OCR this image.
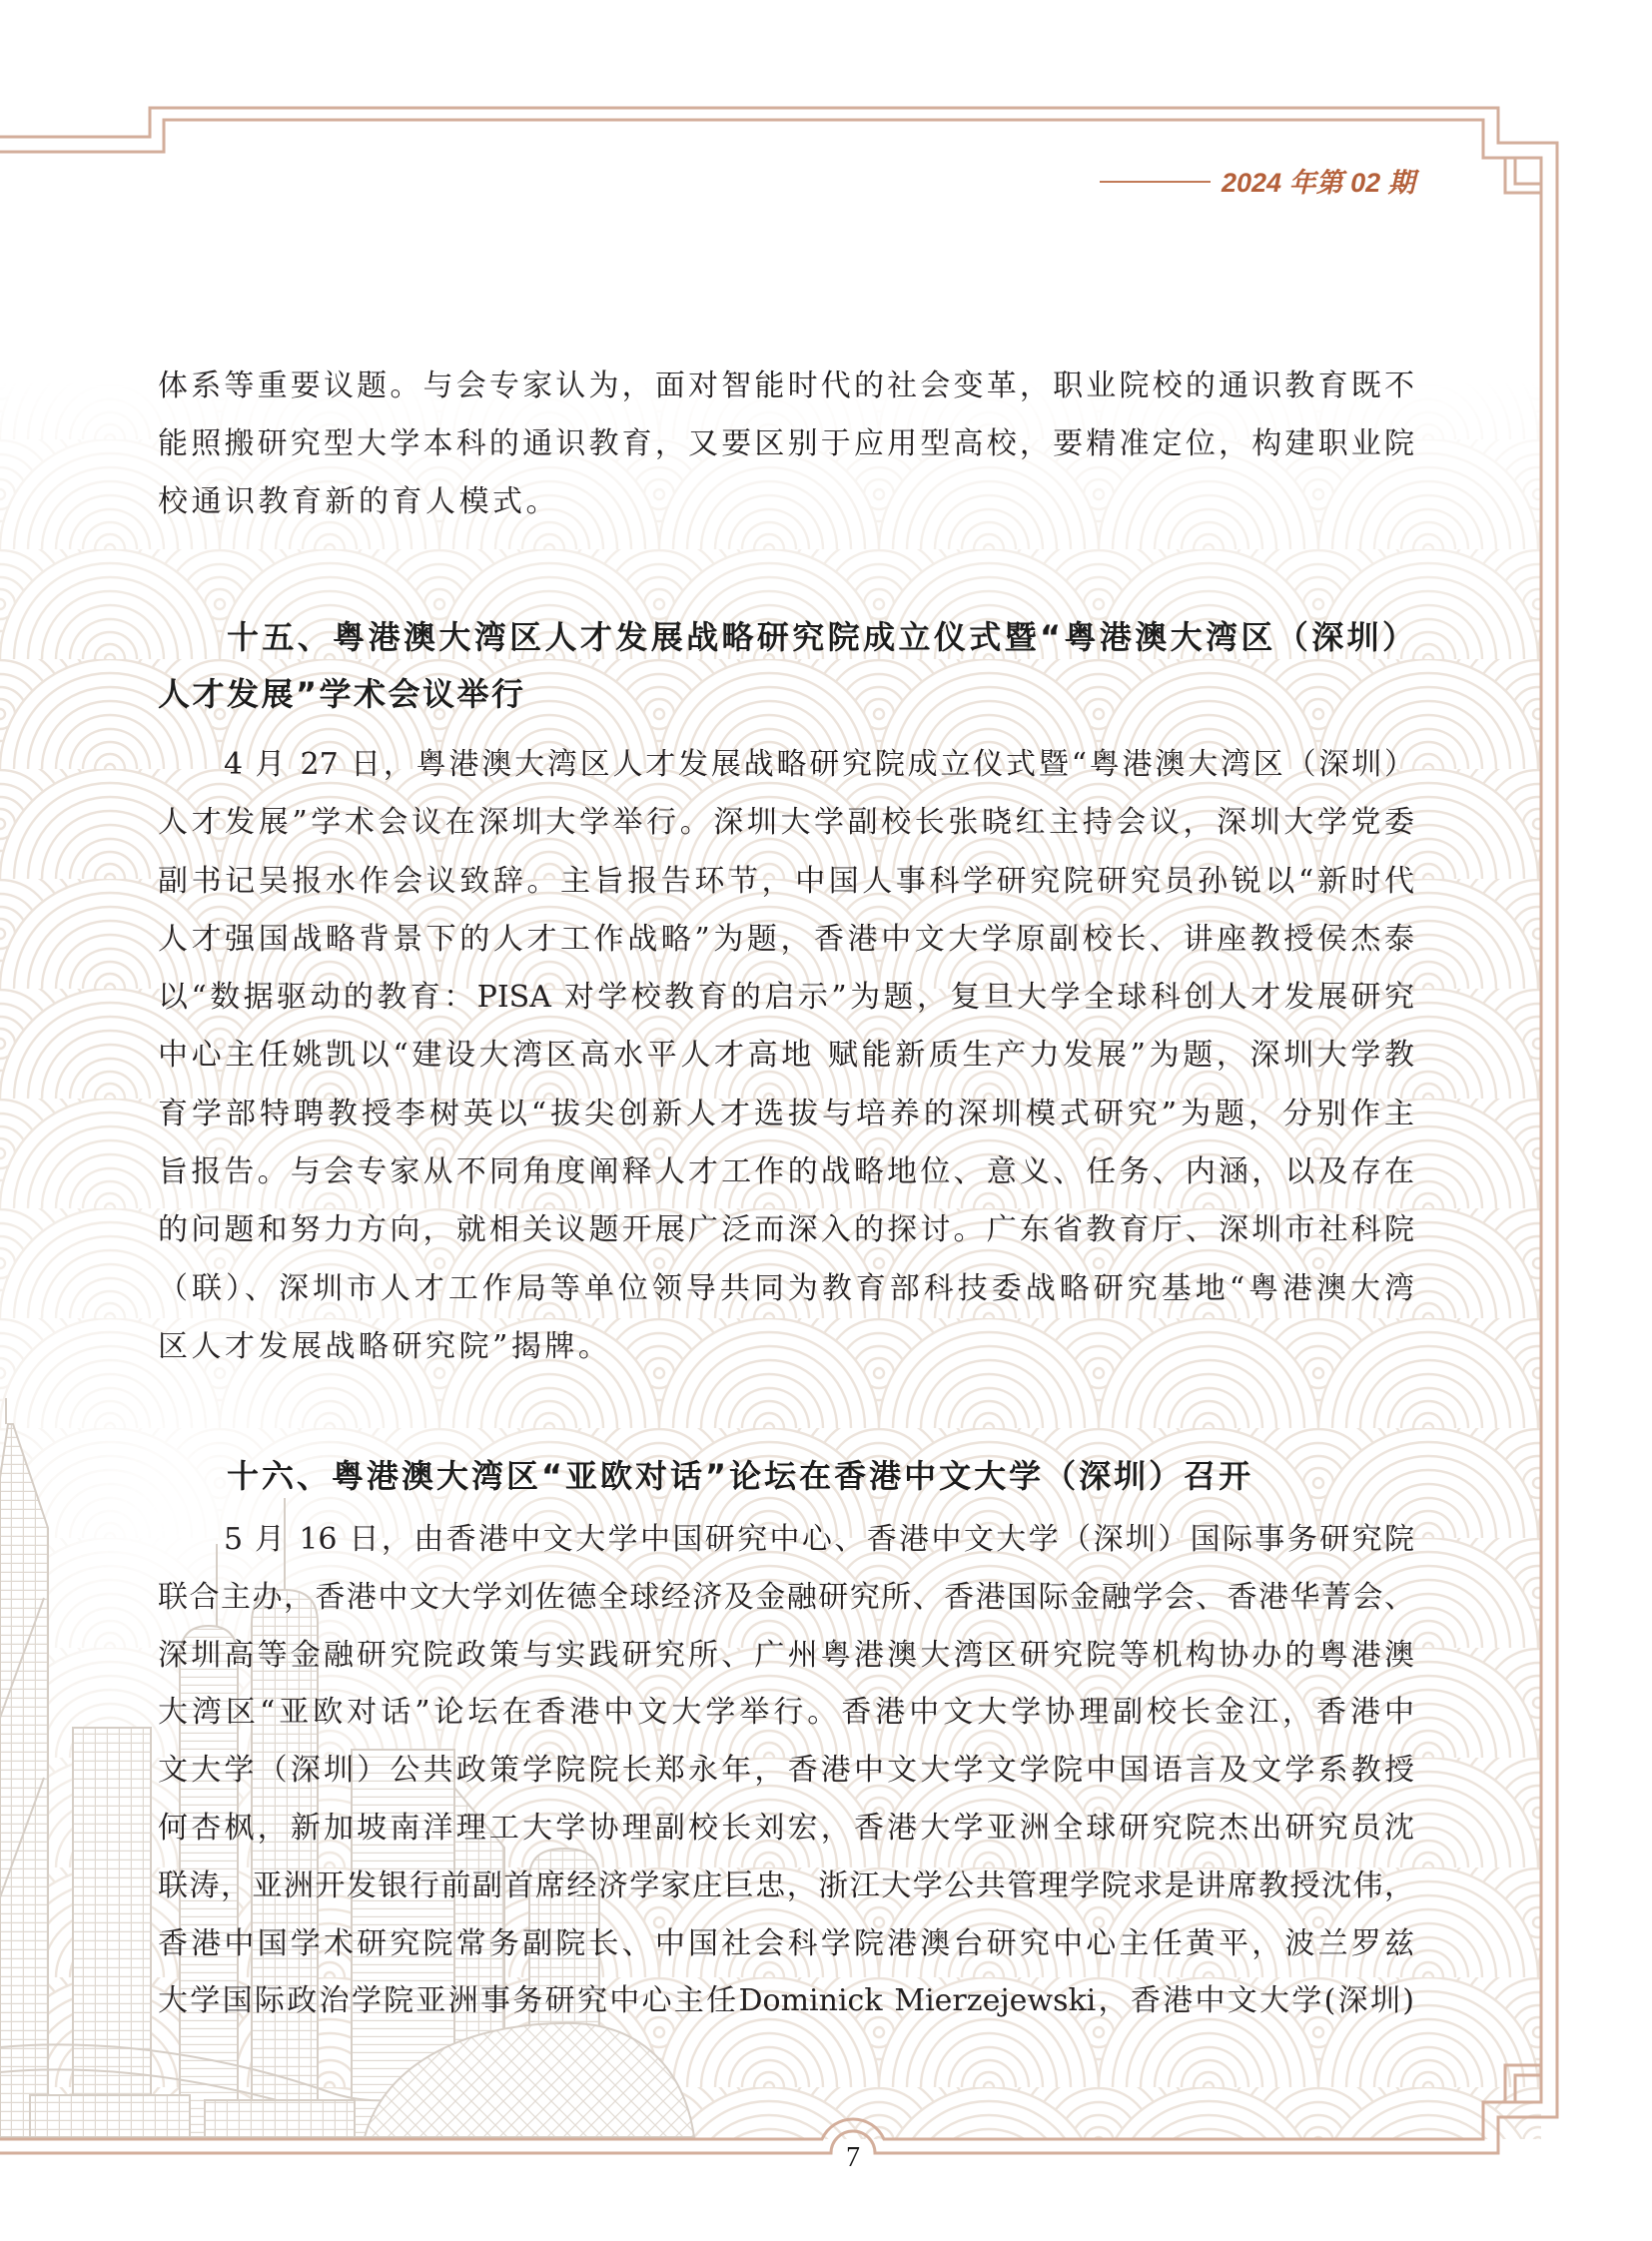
2024 年第 02 期
体系等重要议题。与会专家认为，面对智能时代的社会变革，职业院校的通识教育既不
能照搬研究型大学本科的通识教育，又要区别于应用型高校，要精准定位，构建职业院
校通识教育新的育人模式。
十五、粤港澳大湾区人才发展战略研究院成立仪式暨“粤港澳大湾区（深圳）
人才发展”学术会议举行
4 月 27 日，粤港澳大湾区人才发展战略研究院成立仪式暨“粤港澳大湾区（深圳）
人才发展”学术会议在深圳大学举行。深圳大学副校长张晓红主持会议，深圳大学党委
副书记吴报水作会议致辞。主旨报告环节，中国人事科学研究院研究员孙锐以“新时代
人才强国战略背景下的人才工作战略”为题，香港中文大学原副校长、讲座教授侯杰泰
以“数据驱动的教育：PISA 对学校教育的启示”为题，复旦大学全球科创人才发展研究
中心主任姚凯以“建设大湾区高水平人才高地 赋能新质生产力发展”为题，深圳大学教
育学部特聘教授李树英以“拔尖创新人才选拔与培养的深圳模式研究”为题，分别作主
旨报告。与会专家从不同角度阐释人才工作的战略地位、意义、任务、内涵，以及存在
的问题和努力方向，就相关议题开展广泛而深入的探讨。广东省教育厅、深圳市社科院
（联）、深圳市人才工作局等单位领导共同为教育部科技委战略研究基地“粤港澳大湾
区人才发展战略研究院”揭牌。
十六、粤港澳大湾区“亚欧对话”论坛在香港中文大学（深圳）召开
5 月 16 日，由香港中文大学中国研究中心、香港中文大学（深圳）国际事务研究院
联合主办，香港中文大学刘佐德全球经济及金融研究所、香港国际金融学会、香港华菁会、
深圳高等金融研究院政策与实践研究所、广州粤港澳大湾区研究院等机构协办的粤港澳
大湾区“亚欧对话”论坛在香港中文大学举行。香港中文大学协理副校长金江，香港中
文大学（深圳）公共政策学院院长郑永年，香港中文大学文学院中国语言及文学系教授
何杏枫，新加坡南洋理工大学协理副校长刘宏，香港大学亚洲全球研究院杰出研究员沈
联涛，亚洲开发银行前副首席经济学家庄巨忠，浙江大学公共管理学院求是讲席教授沈伟，
香港中国学术研究院常务副院长、中国社会科学院港澳台研究中心主任黄平，波兰罗兹
大学国际政治学院亚洲事务研究中心主任Dominick Mierzejewski，香港中文大学(深圳)
7
